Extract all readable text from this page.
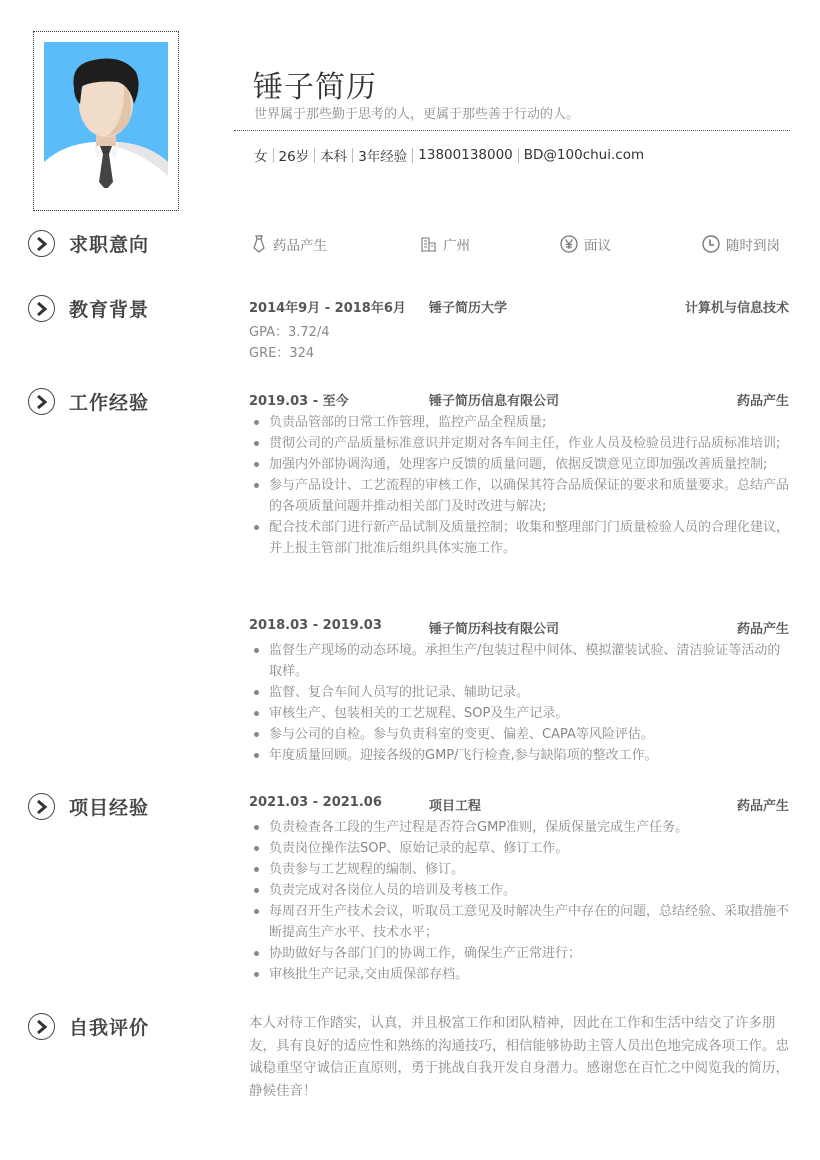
锤子简历
世界属于那些勤于思考的人，更属于那些善于行动的人。
女 26岁 本科 3年经验 13800138000 BD@100chui.com
求职意向	药品产生	广州	面议	随时到岗
教育背景	2014年9月 - 2018年6月 锤子简历大学	计算机与信息技术
GPA：3.72/4
GRE：324
工作经验	2019.03 - 至今	锤子简历信息有限公司	药品产生
负责品管部的日常工作管理，监控产品全程质量;
贯彻公司的产品质量标准意识并定期对各车间主任，作业人员及检验员进行品质标准培训;
加强内外部协调沟通，处理客户反馈的质量问题，依据反馈意见立即加强改善质量控制;
参与产品设计、工艺流程的审核工作，以确保其符合品质保证的要求和质量要求。总结产品的各项质量问题并推动相关部门及时改进与解决;
配合技术部门进行新产品试制及质量控制；收集和整理部门门质量检验人员的合理化建议，并上报主管部门批准后组织具体实施工作。
2018.03 - 2019.03	锤子简历科技有限公司	药品产生
监督生产现场的动态环境。承担生产/包装过程中间体、模拟灌装试验、清洁验证等活动的取样。
监督、复合车间人员写的批记录、辅助记录。
审核生产、包装相关的工艺规程、SOP及生产记录。
参与公司的自检。参与负责科室的变更、偏差、CAPA等风险评估。
年度质量回顾。迎接各级的GMP/飞行检查,参与缺陷项的整改工作。
项目经验	2021.03 - 2021.06	项目工程	药品产生
负责检查各工段的生产过程是否符合GMP准则，保质保量完成生产任务。
负责岗位操作法SOP、原始记录的起草、修订工作。
负责参与工艺规程的编制、修订。
负责完成对各岗位人员的培训及考核工作。
每周召开生产技术会议，听取员工意见及时解决生产中存在的问题，总结经验、采取措施不断提高生产水平、技术水平；
协助做好与各部门门的协调工作，确保生产正常进行；
审核批生产记录,交由质保部存档。
自我评价	本人对待工作踏实，认真，并且极富工作和团队精神，因此在工作和生活中结交了许多朋友，具有良好的适应性和熟练的沟通技巧，相信能够协助主管人员出色地完成各项工作。忠诚稳重坚守诚信正直原则，勇于挑战自我开发自身潜力。感谢您在百忙之中阅览我的简历，静候佳音！
